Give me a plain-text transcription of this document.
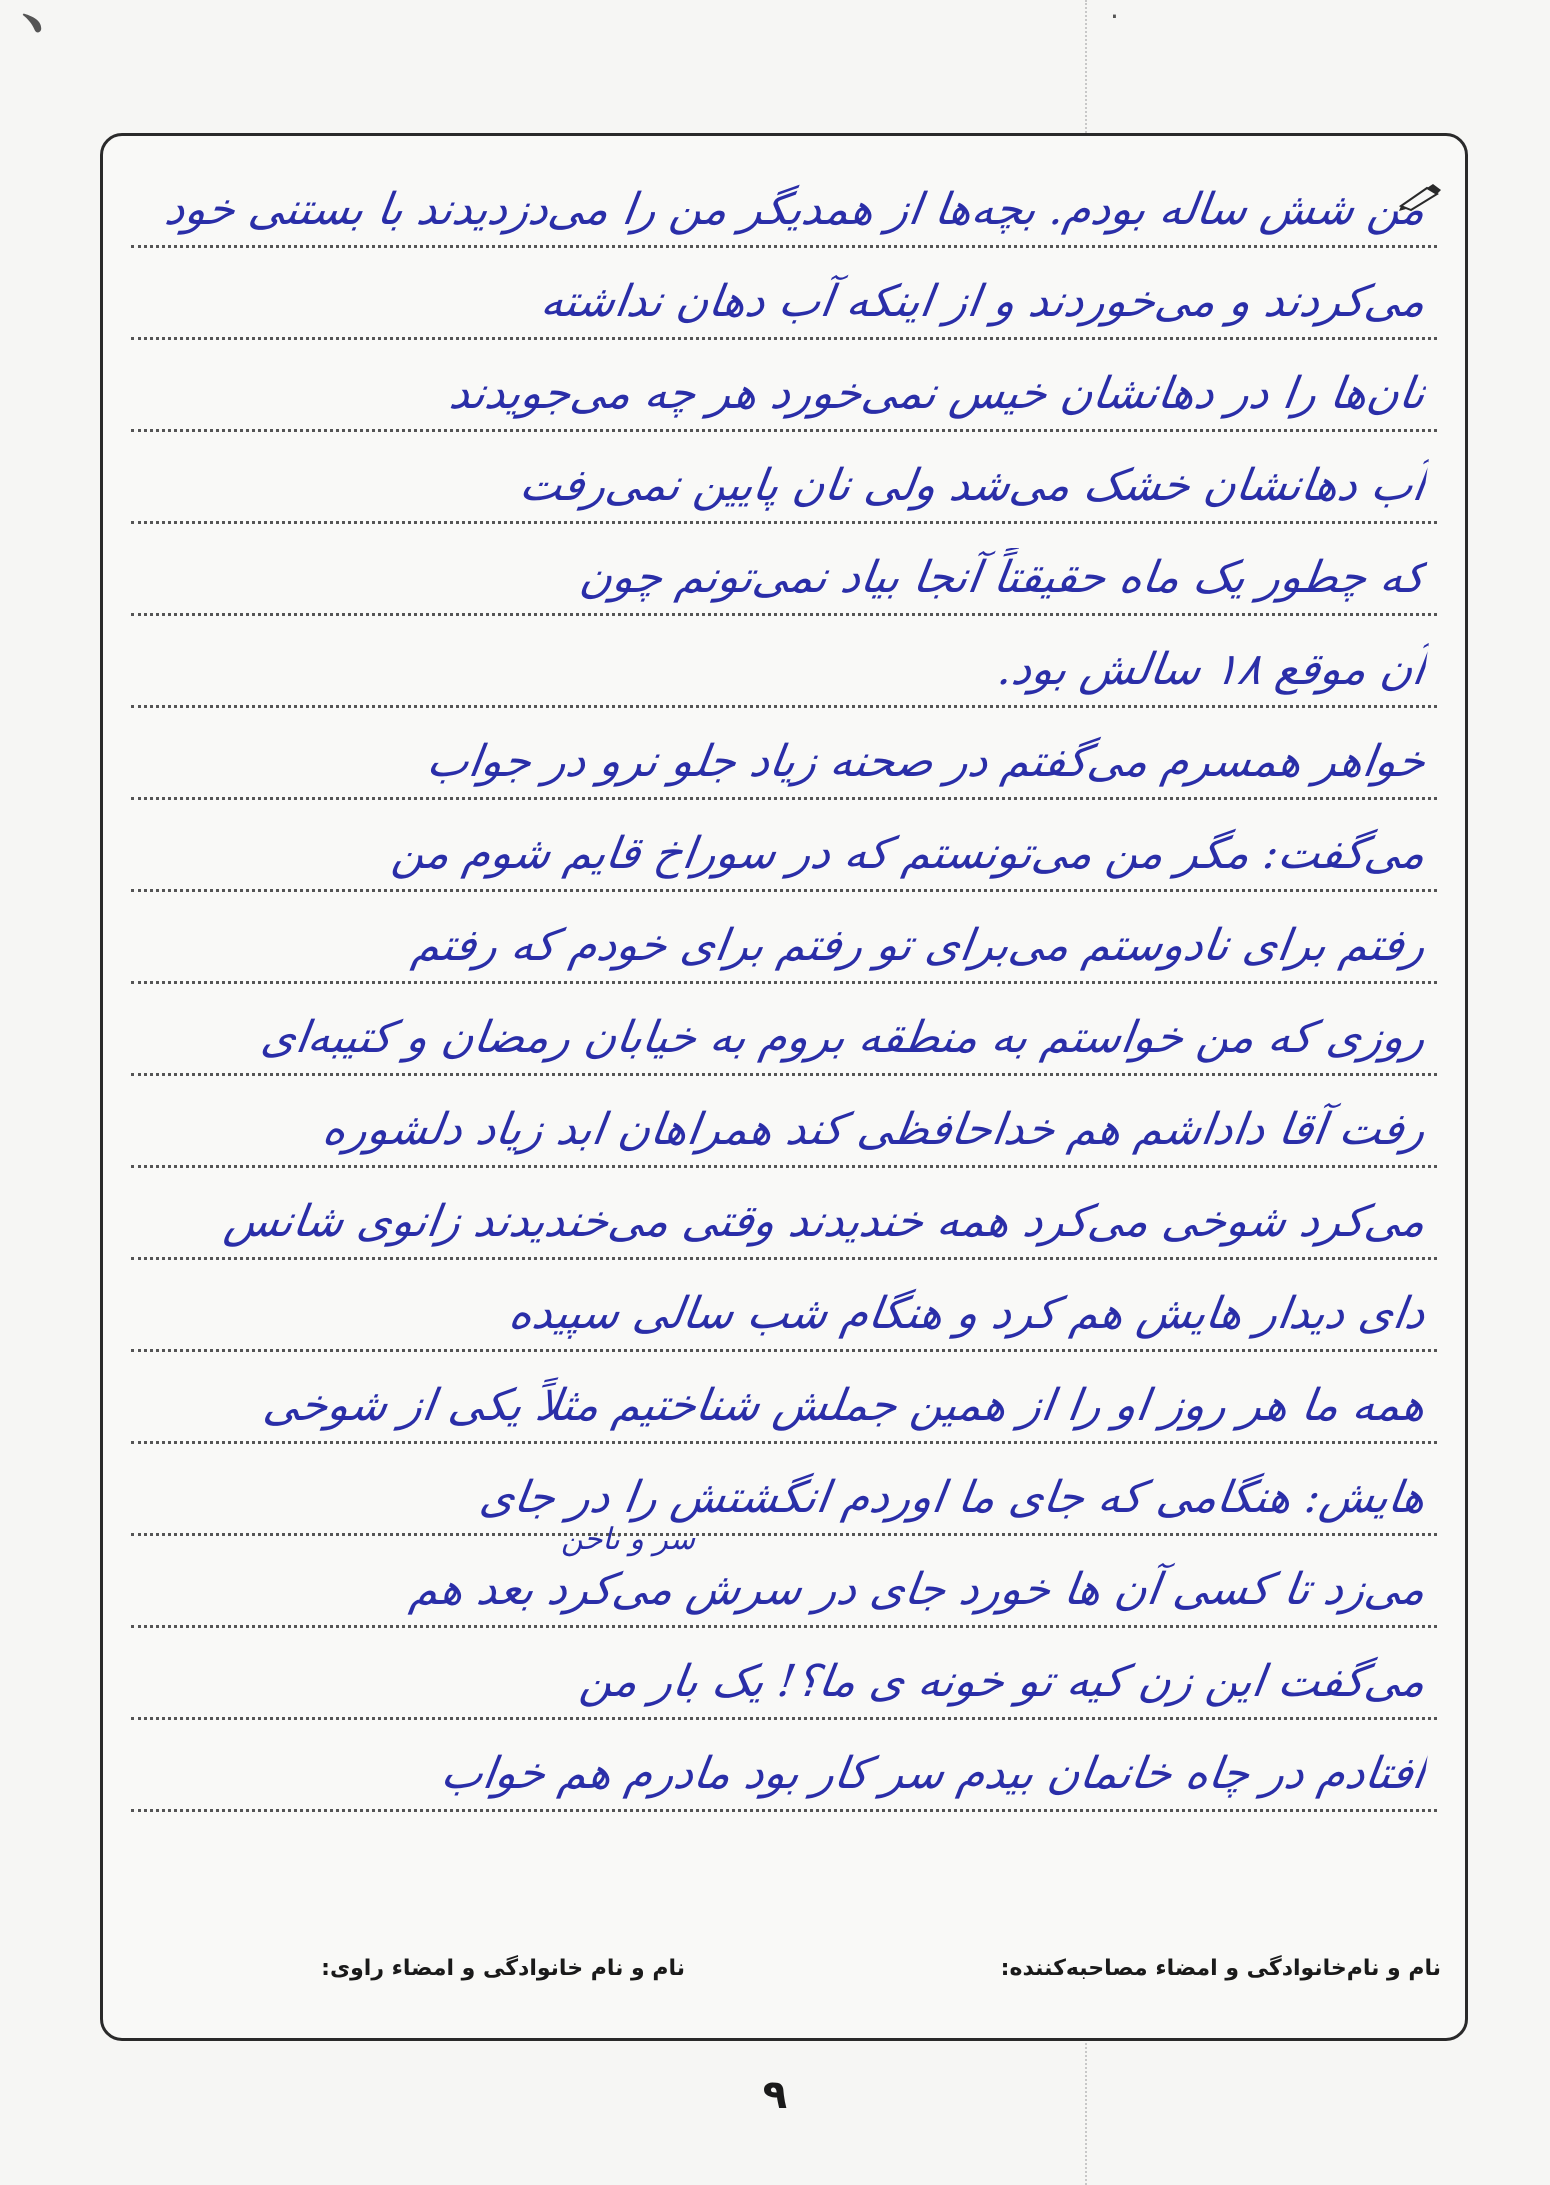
﹅	·
من شش ساله بودم. بچه‌ها از همدیگر من را می‌دزدیدند با بستنی خود
می‌کردند و می‌خوردند و از اینکه آب دهان نداشته
نان‌ها را در دهانشان خیس نمی‌خورد هر چه می‌جویدند
آب دهانشان خشک می‌شد ولی نان پایین نمی‌رفت
که چطور یک ماه حقیقتاً آنجا بیاد نمی‌تونم چون
آن موقع ۱۸ سالش بود.
خواهر همسرم می‌گفتم در صحنه زیاد جلو نرو در جواب
می‌گفت: مگر من می‌تونستم که در سوراخ قایم شوم من
رفتم برای نادوستم می‌برای تو رفتم برای خودم که رفتم
روزی که من خواستم به منطقه بروم به خیابان رمضان و کتیبه‌ای
رفت آقا داداشم هم خداحافظی کند همراهان ابد زیاد دلشوره
می‌کرد شوخی می‌کرد همه خندیدند وقتی می‌خندیدند زانوی شانس
دای دیدار هایش هم کرد و هنگام شب سالی سپیده
همه ما هر روز او را از همین جملش شناختیم مثلاً یکی از شوخی
سر و ناخن
هایش: هنگامی که جای ما اوردم انگشتش را در جای
می‌زد تا کسی آن ها خورد جای در سرش می‌کرد بعد هم
می‌گفت این زن کیه تو خونه ی ما؟! یک بار من
افتادم در چاه خانمان بیدم سر کار بود مادرم هم خواب
نام و نام‌خانوادگی و امضاء مصاحبه‌کننده:
نام و نام خانوادگی و امضاء راوی:
۹
